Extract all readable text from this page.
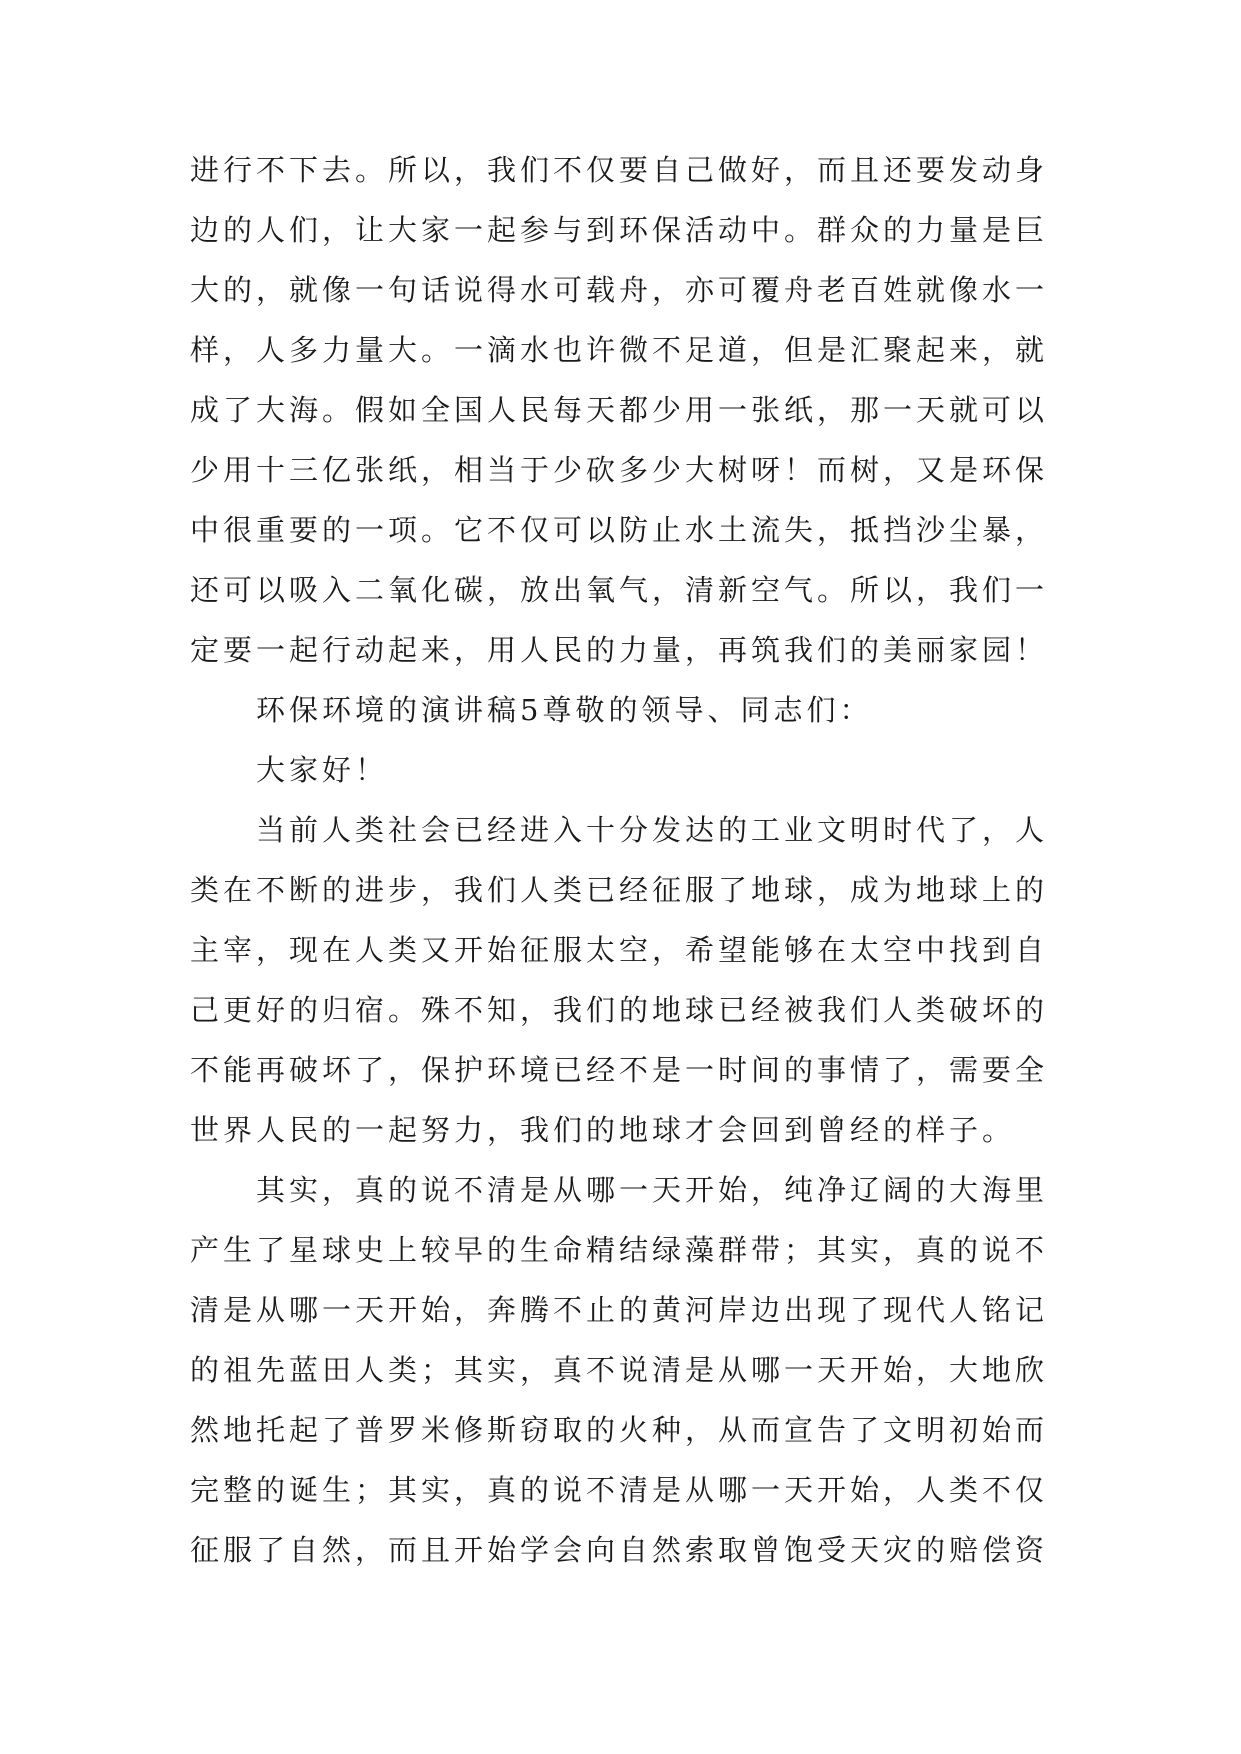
进行不下去。所以，我们不仅要自己做好，而且还要发动身
边的人们，让大家一起参与到环保活动中。群众的力量是巨
大的，就像一句话说得水可载舟，亦可覆舟老百姓就像水一
样，人多力量大。一滴水也许微不足道，但是汇聚起来，就
成了大海。假如全国人民每天都少用一张纸，那一天就可以
少用十三亿张纸，相当于少砍多少大树呀！而树，又是环保
中很重要的一项。它不仅可以防止水土流失，抵挡沙尘暴，
还可以吸入二氧化碳，放出氧气，清新空气。所以，我们一
定要一起行动起来，用人民的力量，再筑我们的美丽家园！
环保环境的演讲稿5尊敬的领导、同志们：
大家好！
当前人类社会已经进入十分发达的工业文明时代了，人
类在不断的进步，我们人类已经征服了地球，成为地球上的
主宰，现在人类又开始征服太空，希望能够在太空中找到自
己更好的归宿。殊不知，我们的地球已经被我们人类破坏的
不能再破坏了，保护环境已经不是一时间的事情了，需要全
世界人民的一起努力，我们的地球才会回到曾经的样子。
其实，真的说不清是从哪一天开始，纯净辽阔的大海里
产生了星球史上较早的生命精结绿藻群带；其实，真的说不
清是从哪一天开始，奔腾不止的黄河岸边出现了现代人铭记
的祖先蓝田人类；其实，真不说清是从哪一天开始，大地欣
然地托起了普罗米修斯窃取的火种，从而宣告了文明初始而
完整的诞生；其实，真的说不清是从哪一天开始，人类不仅
征服了自然，而且开始学会向自然索取曾饱受天灾的赔偿资
